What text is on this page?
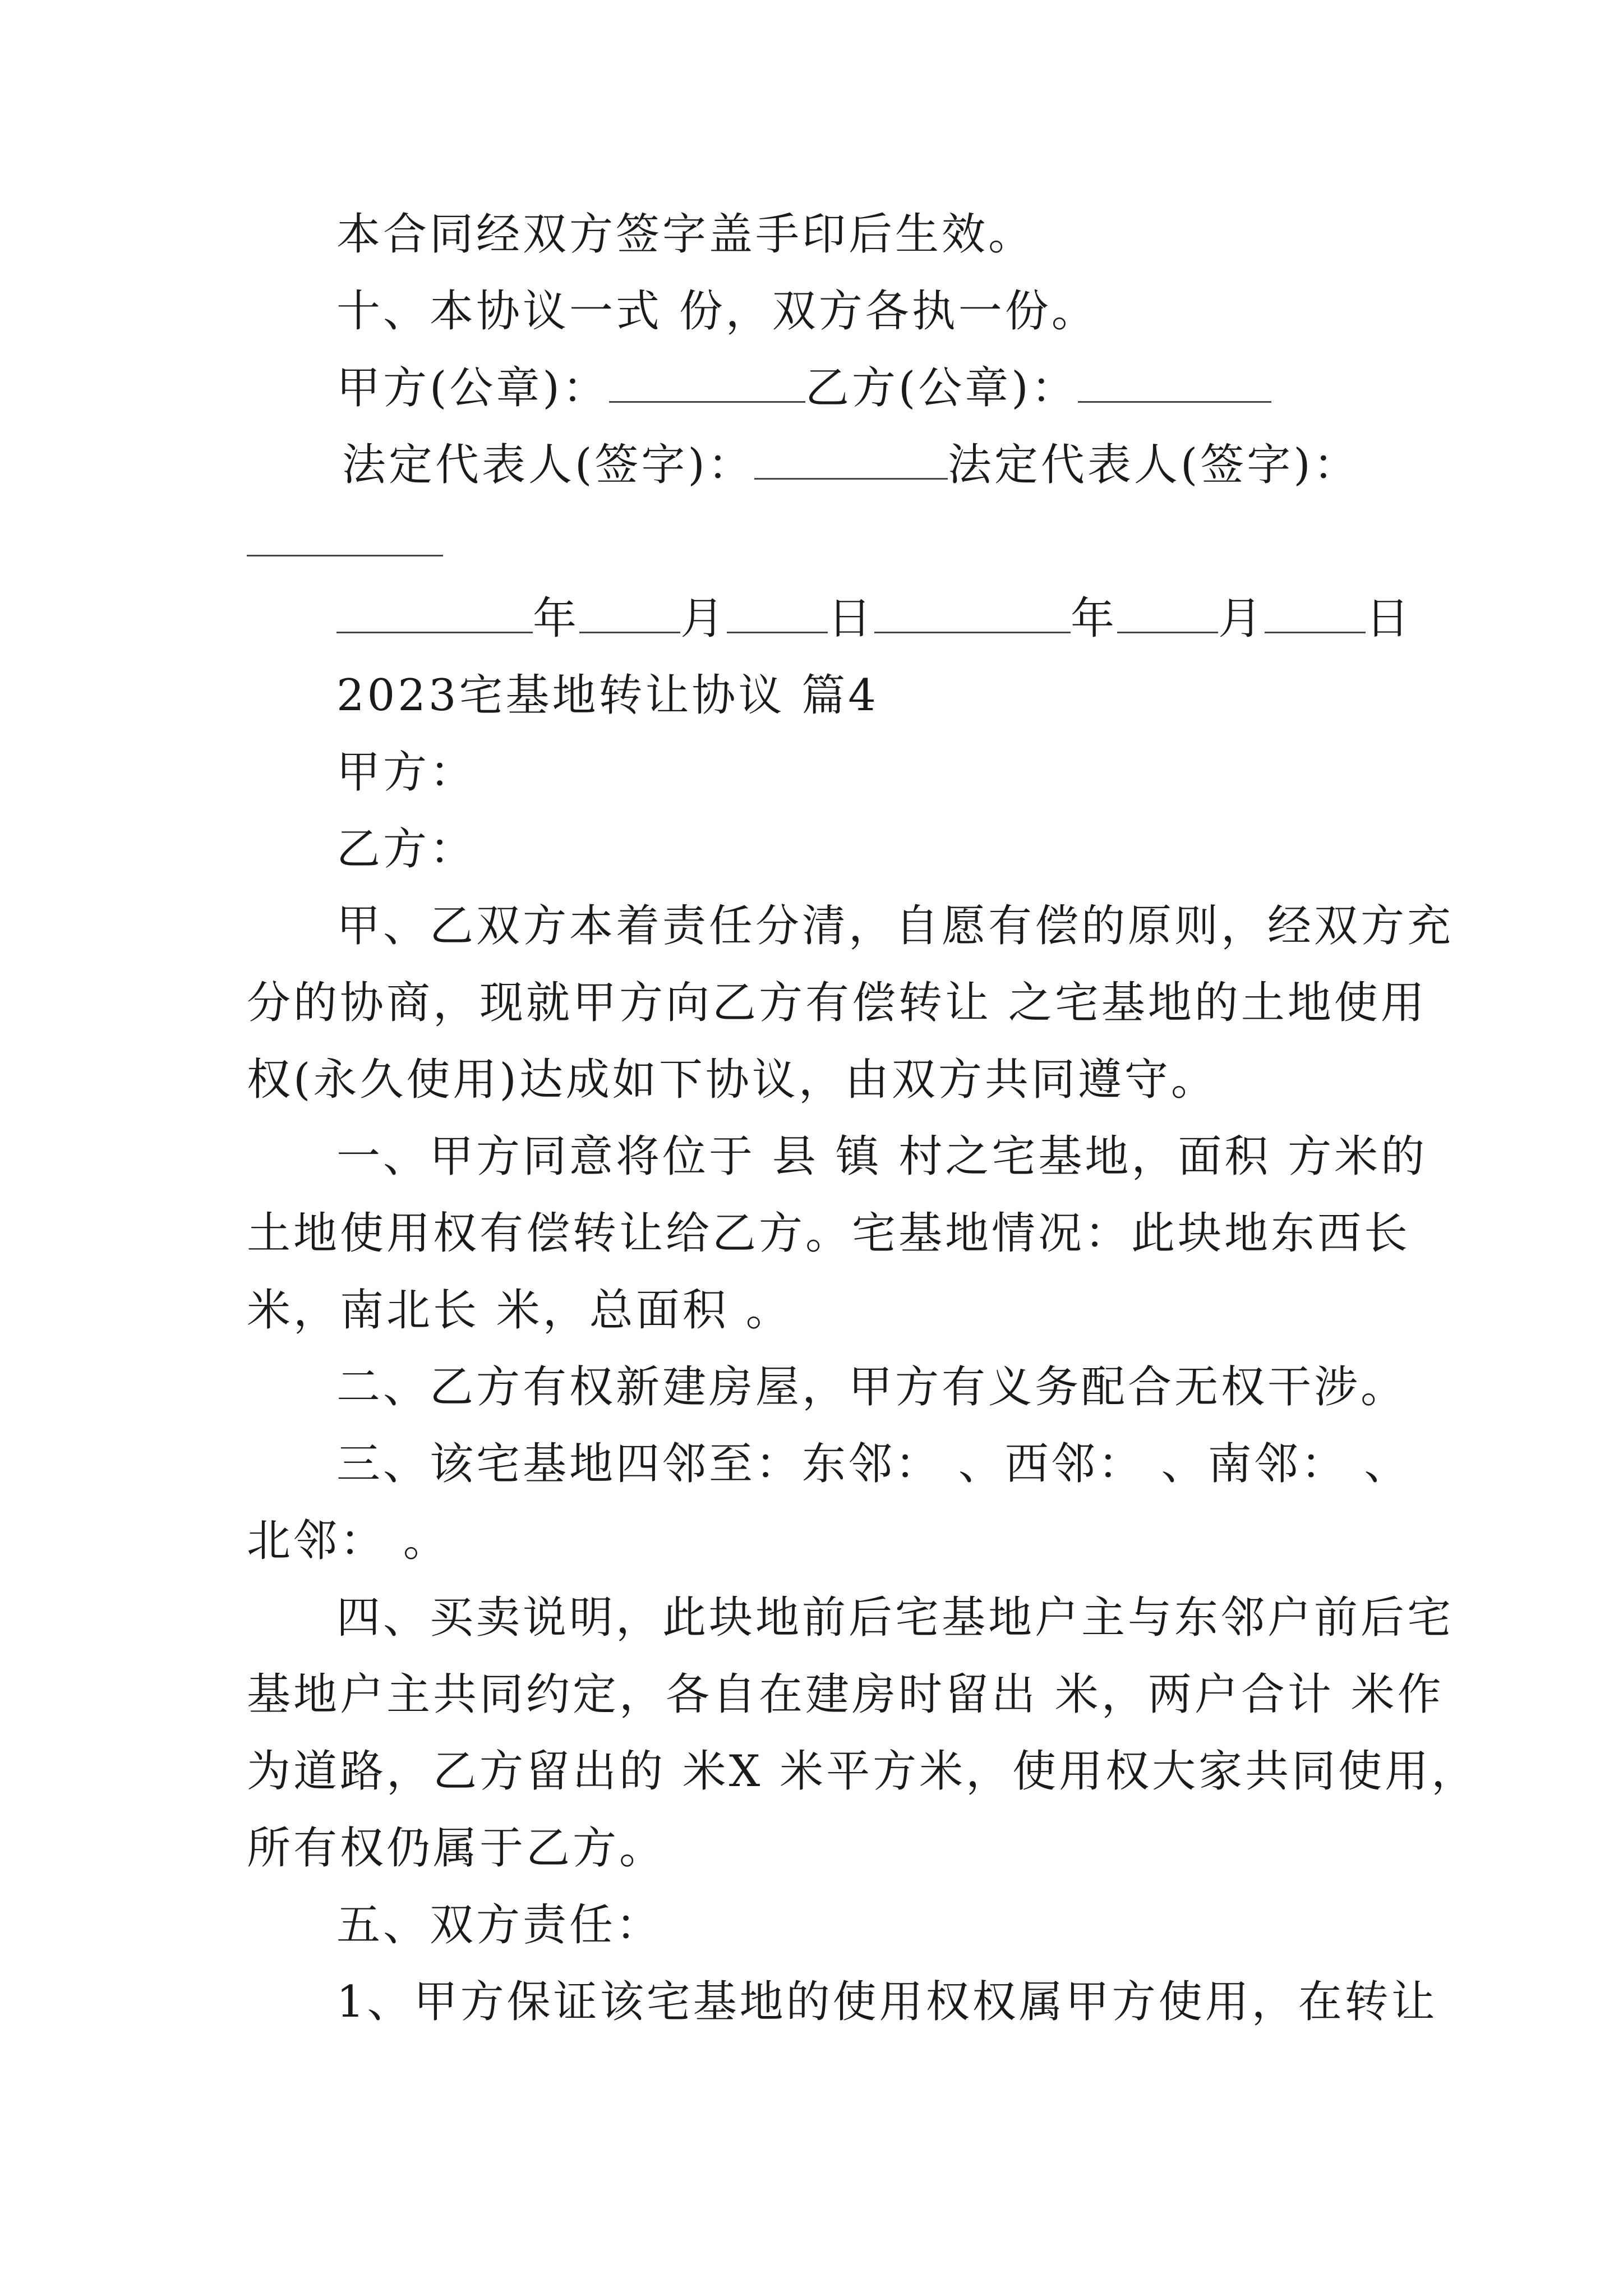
本合同经双方签字盖手印后生效。
十、本协议一式 份，双方各执一份。
甲方(公章)：	乙方(公章)：
法定代表人(签字)：	法定代表人(签字)：
年 月 日	年 月 日
2023宅基地转让协议 篇4
甲方：
乙方：
甲、乙双方本着责任分清，自愿有偿的原则，经双方充
分的协商，现就甲方向乙方有偿转让 之宅基地的土地使用
权(永久使用)达成如下协议，由双方共同遵守。
一、甲方同意将位于 县 镇 村之宅基地，面积 方米的
土地使用权有偿转让给乙方。宅基地情况：此块地东西长
米，南北长 米，总面积 。
二、乙方有权新建房屋，甲方有义务配合无权干涉。
三、该宅基地四邻至：东邻： 、西邻： 、南邻： 、
北邻： 。
四、买卖说明，此块地前后宅基地户主与东邻户前后宅
基地户主共同约定，各自在建房时留出 米，两户合计 米作
为道路，乙方留出的 米X 米平方米，使用权大家共同使用，
所有权仍属于乙方。
五、双方责任：
1、甲方保证该宅基地的使用权权属甲方使用，在转让
